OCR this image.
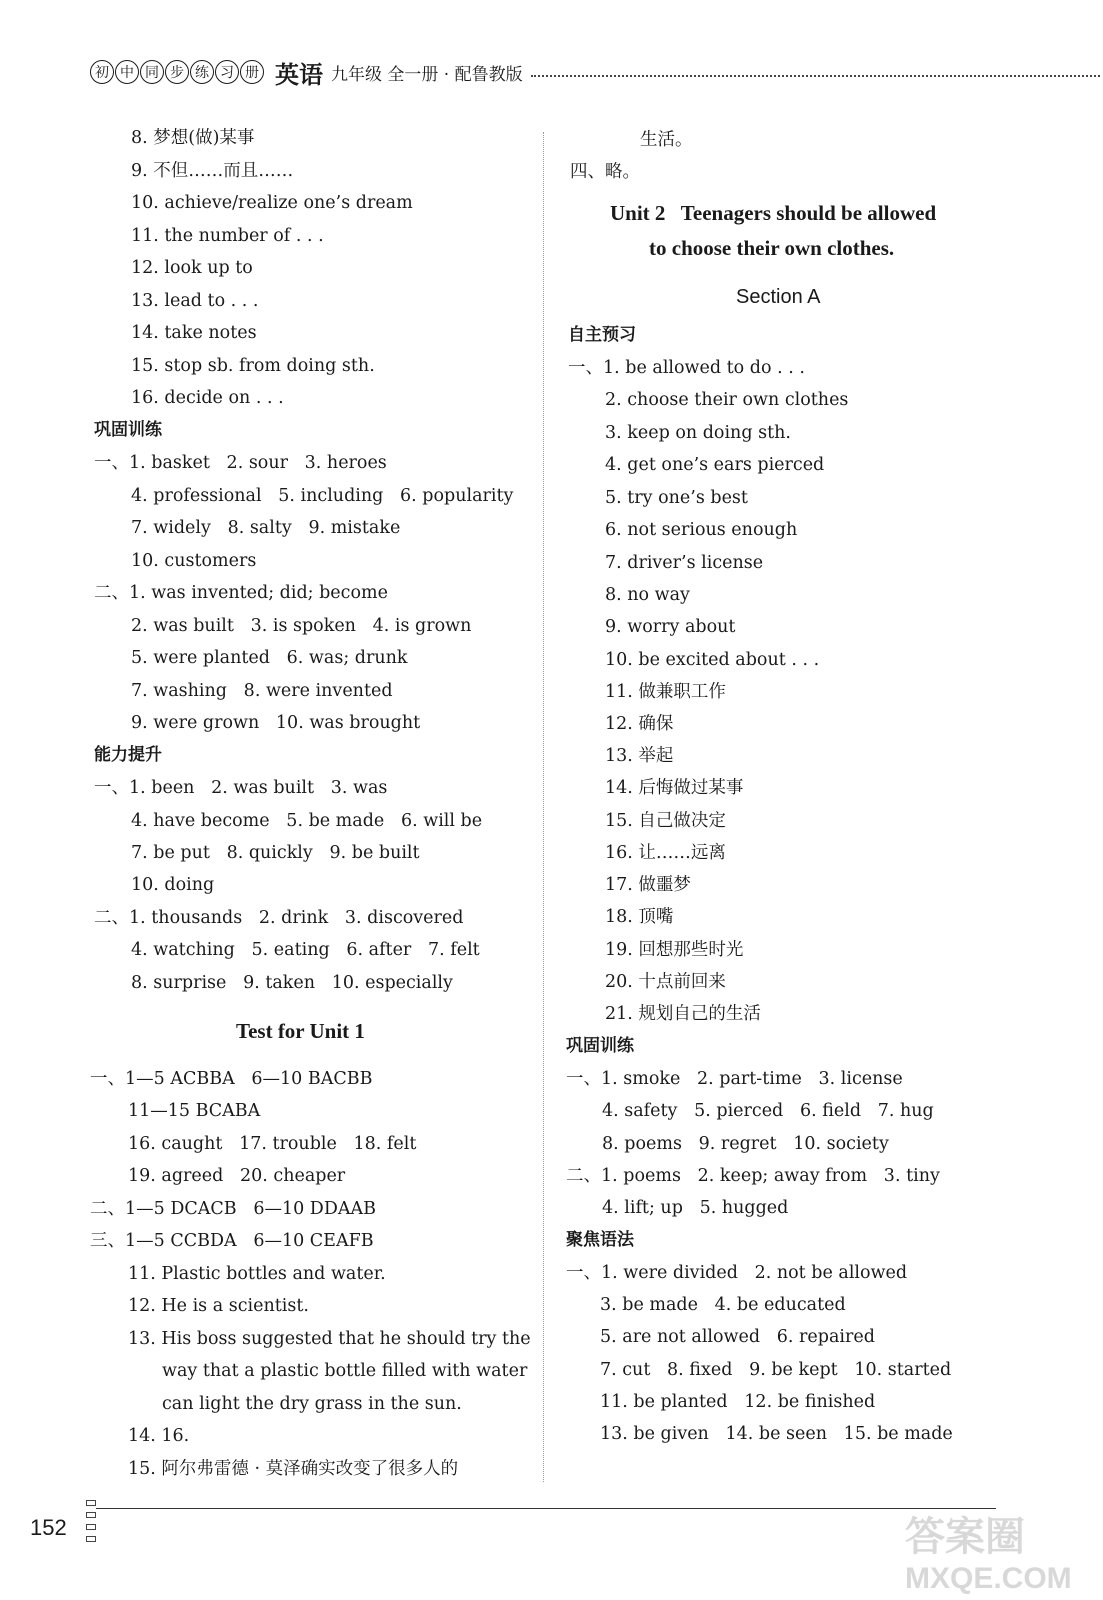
初 中 同 步 练 习 册 英语 九年级 全一册 · 配鲁教版
8. 梦想(做)某事
9. 不但……而且……
10. achieve/realize one’s dream
11. the number of . . .
12. look up to
13. lead to . . .
14. take notes
15. stop sb. from doing sth.
16. decide on . . .
巩固训练
一、1. basket   2. sour   3. heroes
4. professional   5. including   6. popularity
7. widely   8. salty   9. mistake
10. customers
二、1. was invented; did; become
2. was built   3. is spoken   4. is grown
5. were planted   6. was; drunk
7. washing   8. were invented
9. were grown   10. was brought
能力提升
一、1. been   2. was built   3. was
4. have become   5. be made   6. will be
7. be put   8. quickly   9. be built
10. doing
二、1. thousands   2. drink   3. discovered
4. watching   5. eating   6. after   7. felt
8. surprise   9. taken   10. especially
Test for Unit 1
一、1—5 ACBBA   6—10 BACBB
11—15 BCABA
16. caught   17. trouble   18. felt
19. agreed   20. cheaper
二、1—5 DCACB   6—10 DDAAB
三、1—5 CCBDA   6—10 CEAFB
11. Plastic bottles and water.
12. He is a scientist.
13. His boss suggested that he should try the
way that a plastic bottle filled with water
can light the dry grass in the sun.
14. 16.
15. 阿尔弗雷德 · 莫泽确实改变了很多人的
生活。
四、略。
Unit 2   Teenagers should be allowed
to choose their own clothes.
Section A
自主预习
一、1. be allowed to do . . .
2. choose their own clothes
3. keep on doing sth.
4. get one’s ears pierced
5. try one’s best
6. not serious enough
7. driver’s license
8. no way
9. worry about
10. be excited about . . .
11. 做兼职工作
12. 确保
13. 举起
14. 后悔做过某事
15. 自己做决定
16. 让……远离
17. 做噩梦
18. 顶嘴
19. 回想那些时光
20. 十点前回来
21. 规划自己的生活
巩固训练
一、1. smoke   2. part-time   3. license
4. safety   5. pierced   6. field   7. hug
8. poems   9. regret   10. society
二、1. poems   2. keep; away from   3. tiny
4. lift; up   5. hugged
聚焦语法
一、1. were divided   2. not be allowed
3. be made   4. be educated
5. are not allowed   6. repaired
7. cut   8. fixed   9. be kept   10. started
11. be planted   12. be finished
13. be given   14. be seen   15. be made
152	答案圈
MXQE.COM
